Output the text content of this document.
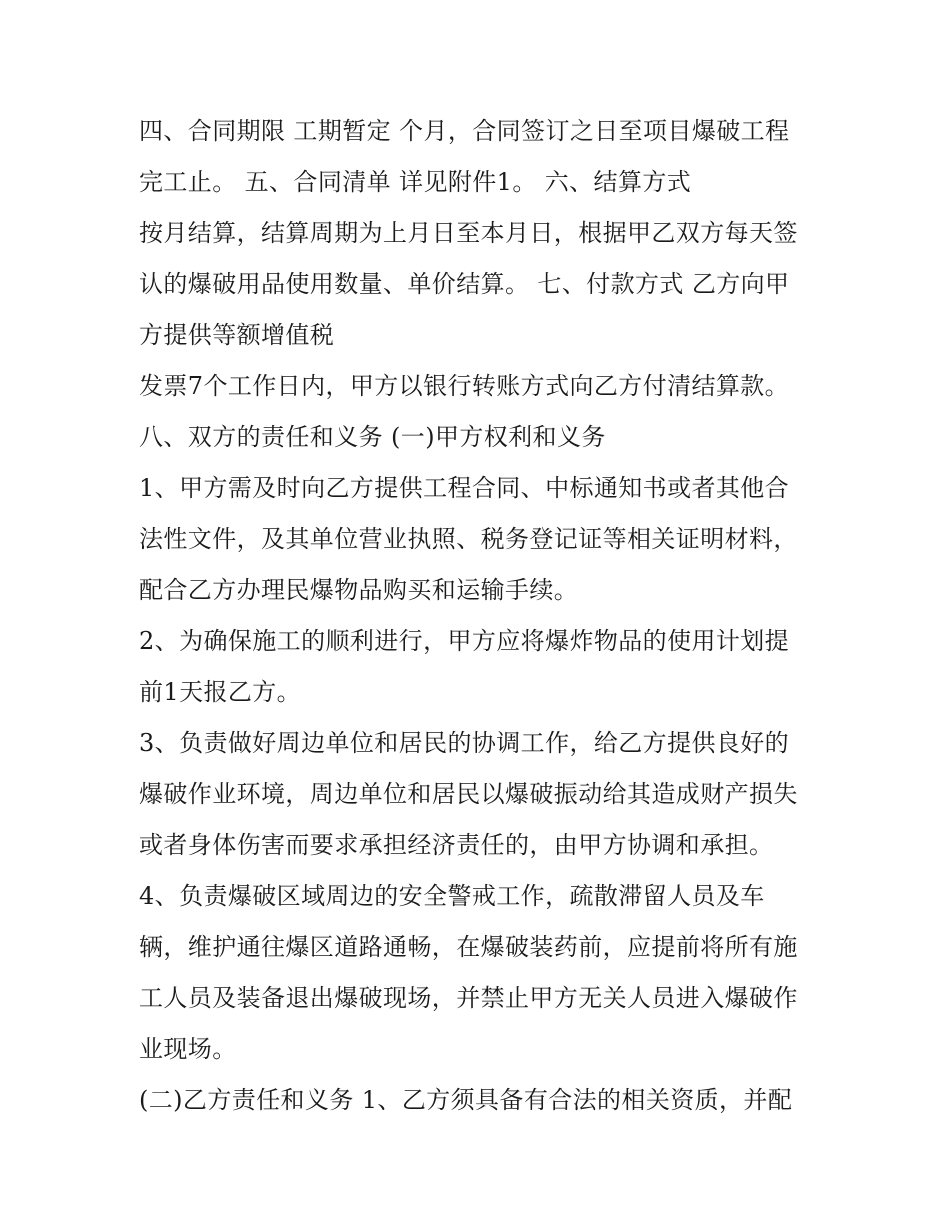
四、合同期限 工期暂定 个月，合同签订之日至项目爆破工程
完工止。 五、合同清单 详见附件1。 六、结算方式
按月结算，结算周期为上月日至本月日，根据甲乙双方每天签
认的爆破用品使用数量、单价结算。 七、付款方式 乙方向甲
方提供等额增值税
发票7个工作日内，甲方以银行转账方式向乙方付清结算款。
八、双方的责任和义务 (一)甲方权利和义务
1、甲方需及时向乙方提供工程合同、中标通知书或者其他合
法性文件，及其单位营业执照、税务登记证等相关证明材料，
配合乙方办理民爆物品购买和运输手续。
2、为确保施工的顺利进行，甲方应将爆炸物品的使用计划提
前1天报乙方。
3、负责做好周边单位和居民的协调工作，给乙方提供良好的
爆破作业环境，周边单位和居民以爆破振动给其造成财产损失
或者身体伤害而要求承担经济责任的，由甲方协调和承担。
4、负责爆破区域周边的安全警戒工作，疏散滞留人员及车
辆，维护通往爆区道路通畅，在爆破装药前，应提前将所有施
工人员及装备退出爆破现场，并禁止甲方无关人员进入爆破作
业现场。
(二)乙方责任和义务 1、乙方须具备有合法的相关资质，并配
